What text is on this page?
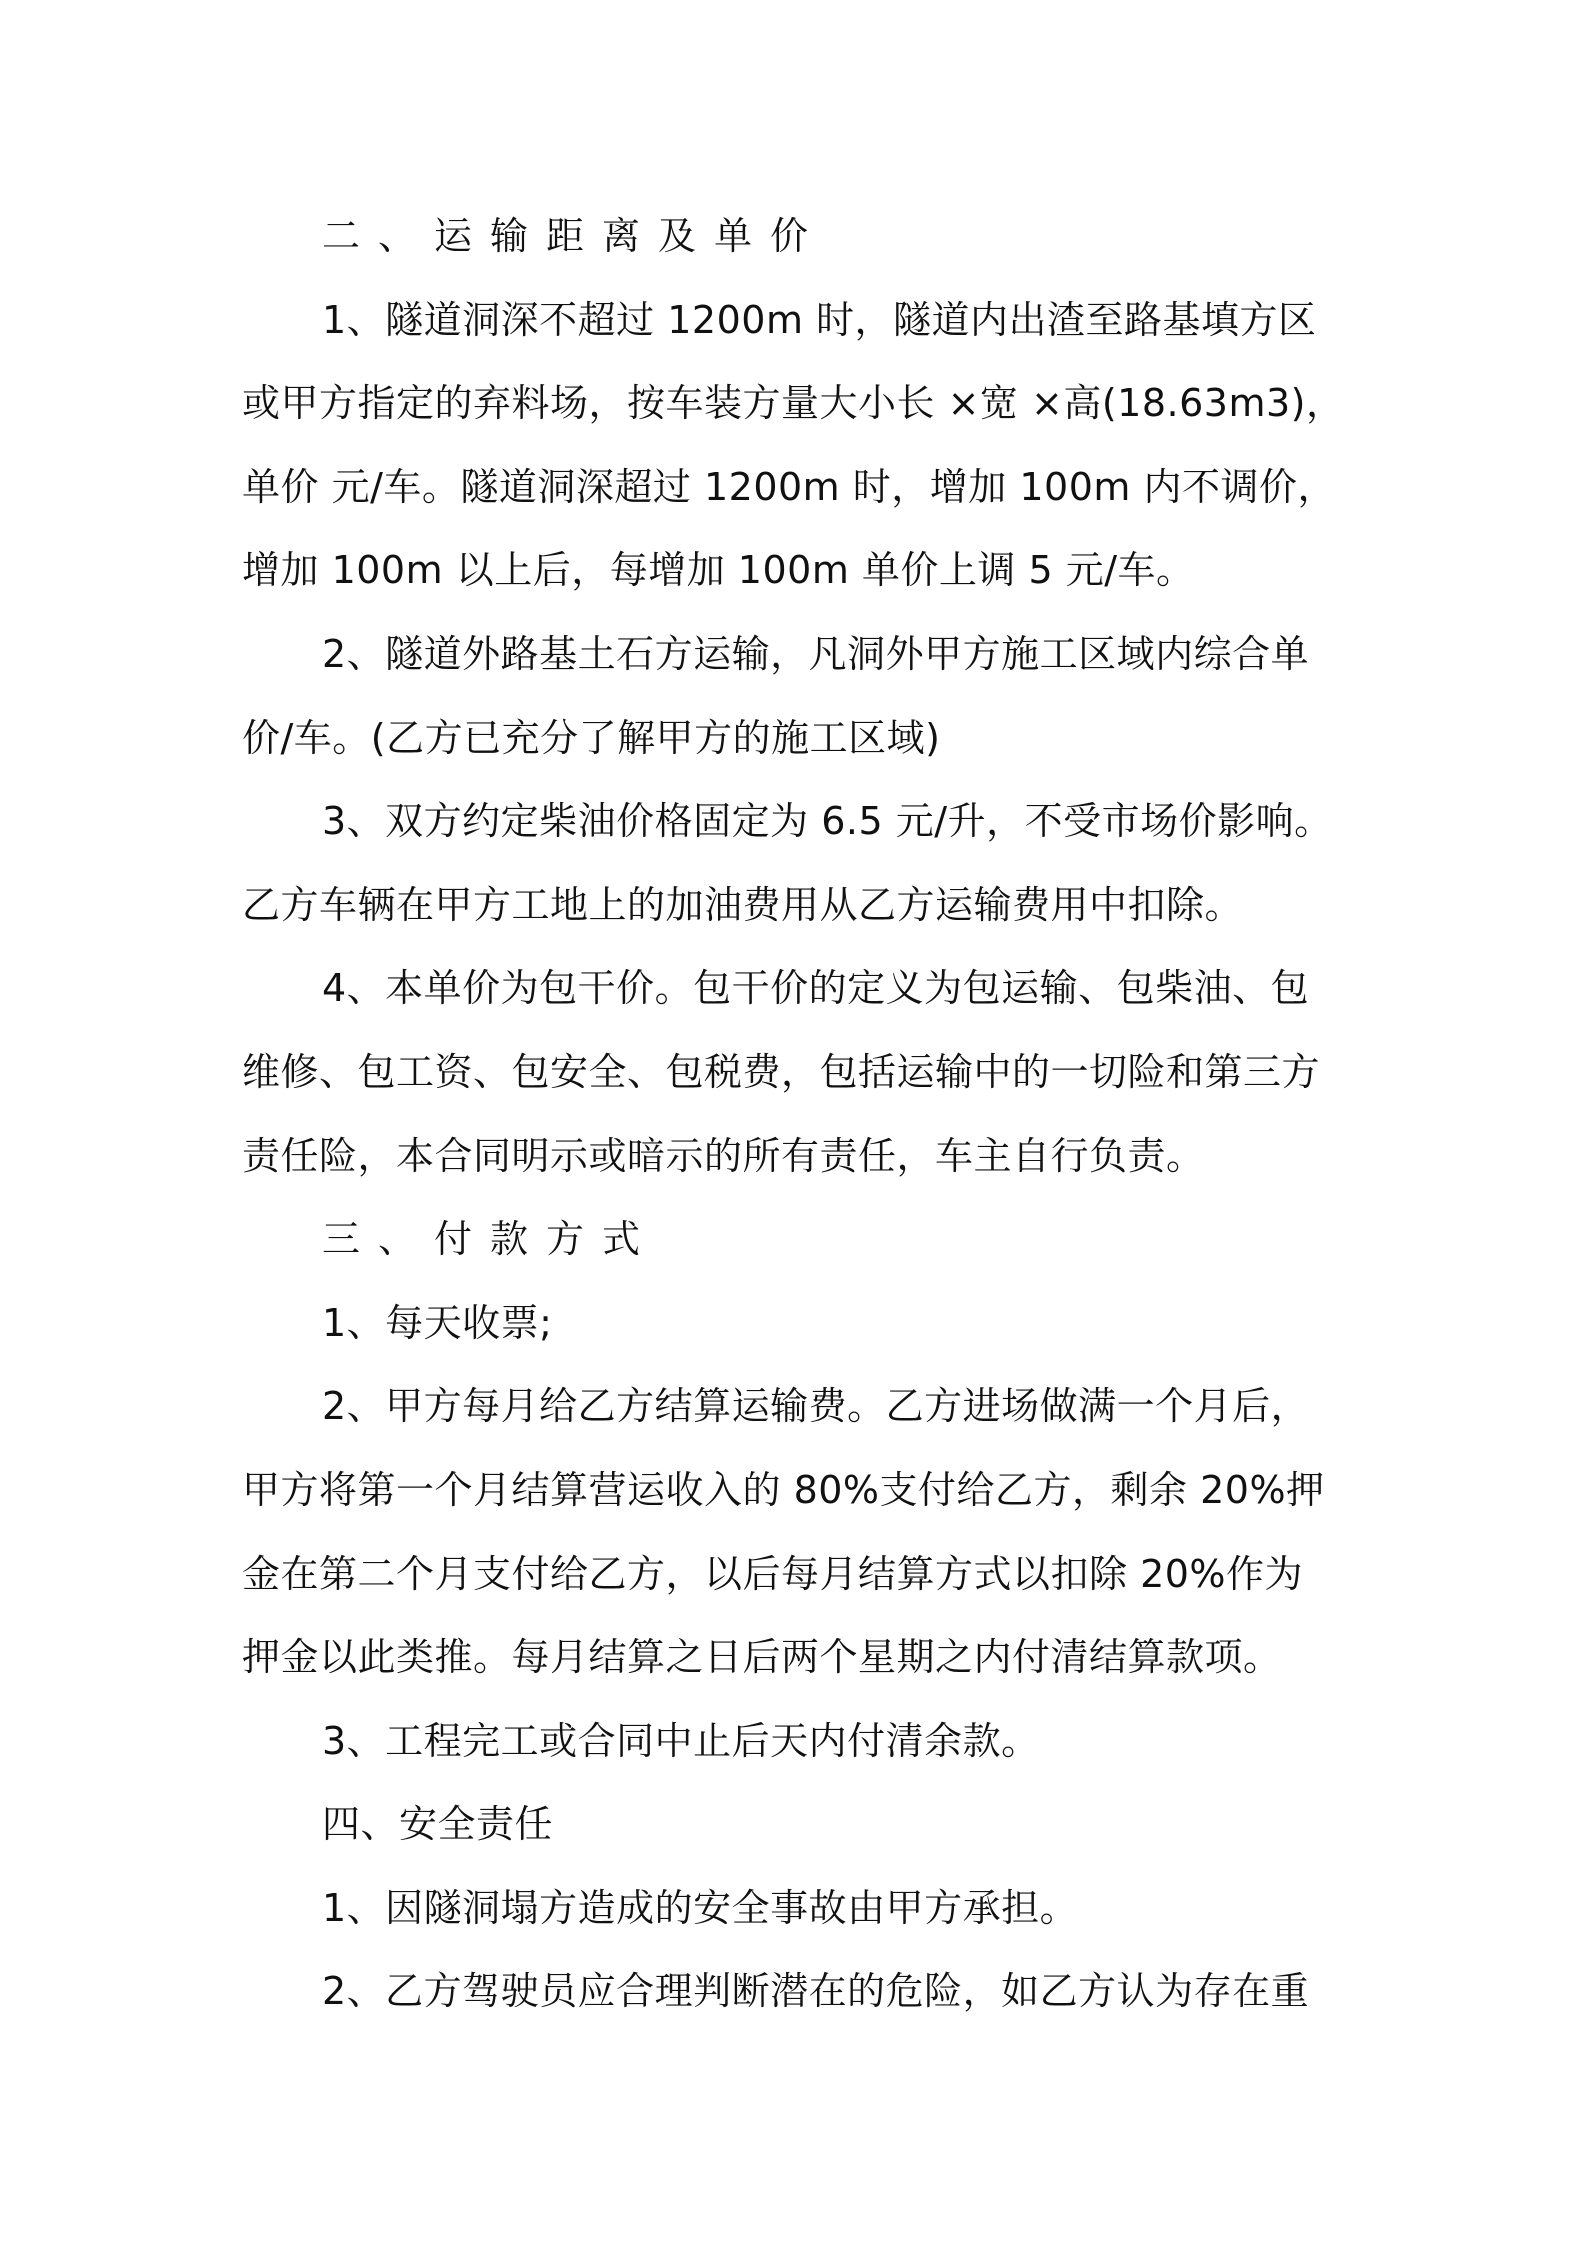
二、运输距离及单价
1、隧道洞深不超过 1200m 时，隧道内出渣至路基填方区
或甲方指定的弃料场，按车装方量大小长 ×宽 ×高(18.63m3)，
单价 元/车。隧道洞深超过 1200m 时，增加 100m 内不调价，
增加 100m 以上后，每增加 100m 单价上调 5 元/车。
2、隧道外路基土石方运输，凡洞外甲方施工区域内综合单
价/车。(乙方已充分了解甲方的施工区域)
3、双方约定柴油价格固定为 6.5 元/升，不受市场价影响。
乙方车辆在甲方工地上的加油费用从乙方运输费用中扣除。
4、本单价为包干价。包干价的定义为包运输、包柴油、包
维修、包工资、包安全、包税费，包括运输中的一切险和第三方
责任险，本合同明示或暗示的所有责任，车主自行负责。
三、付款方式
1、每天收票;
2、甲方每月给乙方结算运输费。乙方进场做满一个月后，
甲方将第一个月结算营运收入的 80%支付给乙方，剩余 20%押
金在第二个月支付给乙方，以后每月结算方式以扣除 20%作为
押金以此类推。每月结算之日后两个星期之内付清结算款项。
3、工程完工或合同中止后天内付清余款。
四、安全责任
1、因隧洞塌方造成的安全事故由甲方承担。
2、乙方驾驶员应合理判断潜在的危险，如乙方认为存在重
